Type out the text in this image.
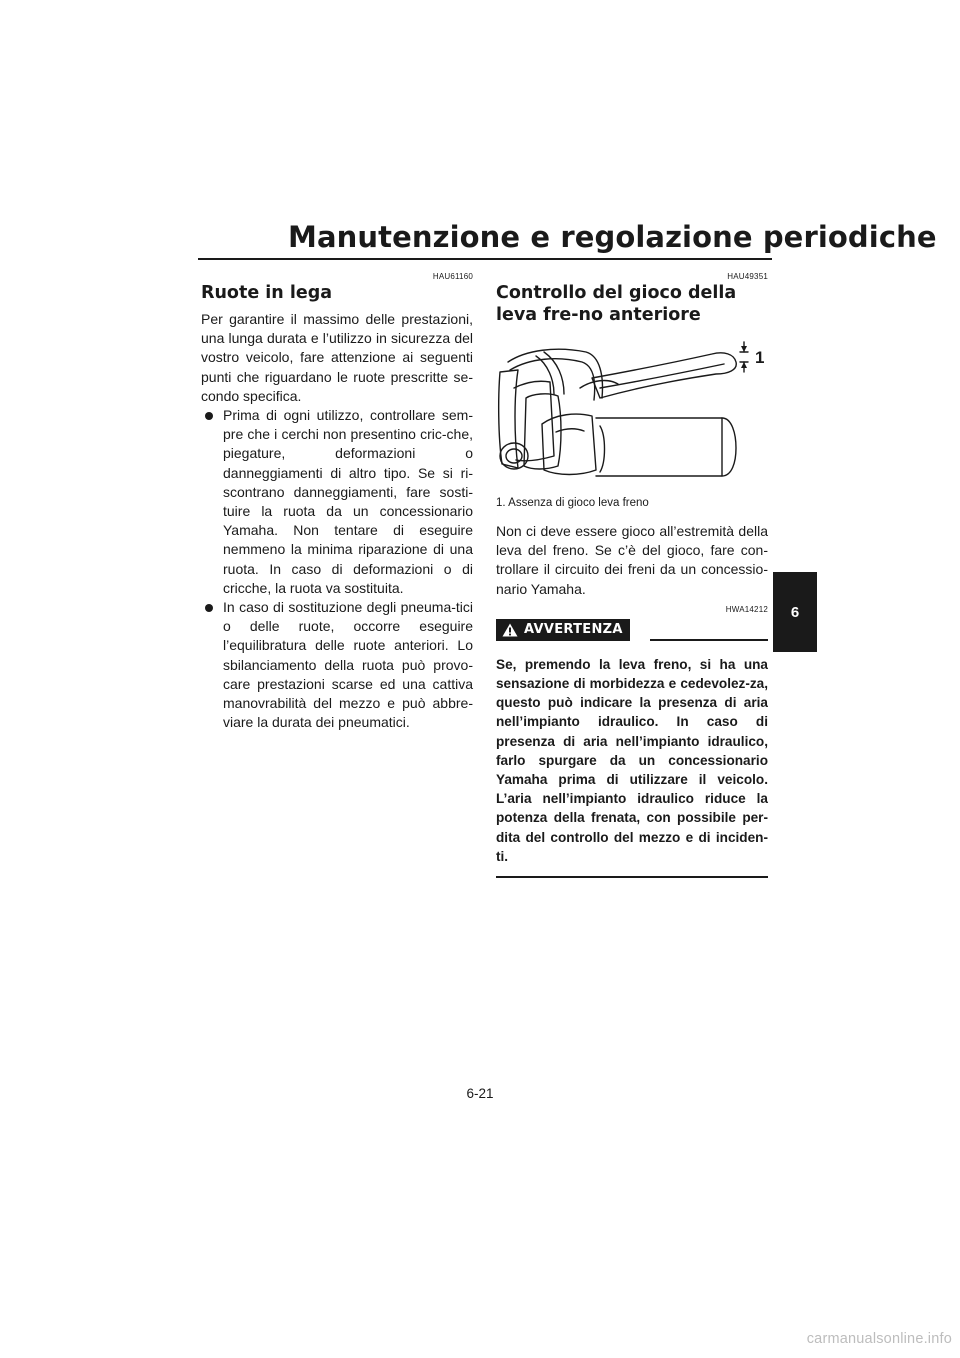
Manutenzione e regolazione periodiche
6
HAU61160
Ruote in lega

Per garantire il massimo delle prestazioni, una lunga durata e l’utilizzo in sicurezza del vostro veicolo, fare attenzione ai seguenti punti che riguardano le ruote prescritte se-condo specifica.

Prima di ogni utilizzo, controllare sem-pre che i cerchi non presentino cric-che, piegature, deformazioni o danneggiamenti di altro tipo. Se si ri-scontrano danneggiamenti, fare sosti-tuire la ruota da un concessionario Yamaha. Non tentare di eseguire nemmeno la minima riparazione di una ruota. In caso di deformazioni o di cricche, la ruota va sostituita.
In caso di sostituzione degli pneuma-tici o delle ruote, occorre eseguire l’equilibratura delle ruote anteriori. Lo sbilanciamento della ruota può provo-care prestazioni scarse ed una cattiva manovrabilità del mezzo e può abbre-viare la durata dei pneumatici.
HAU49351
Controllo del gioco della leva fre-no anteriore
1
1. Assenza di gioco leva freno

Non ci deve essere gioco all’estremità della leva del freno. Se c’è del gioco, fare con-trollare il circuito dei freni da un concessio-nario Yamaha.

HWA14212
AVVERTENZA

Se, premendo la leva freno, si ha una sensazione di morbidezza e cedevolez-za, questo può indicare la presenza di aria nell’impianto idraulico. In caso di presenza di aria nell’impianto idraulico, farlo spurgare da un concessionario Yamaha prima di utilizzare il veicolo. L’aria nell’impianto idraulico riduce la potenza della frenata, con possibile per-dita del controllo del mezzo e di inciden-ti.

6-21
carmanualsonline.info
